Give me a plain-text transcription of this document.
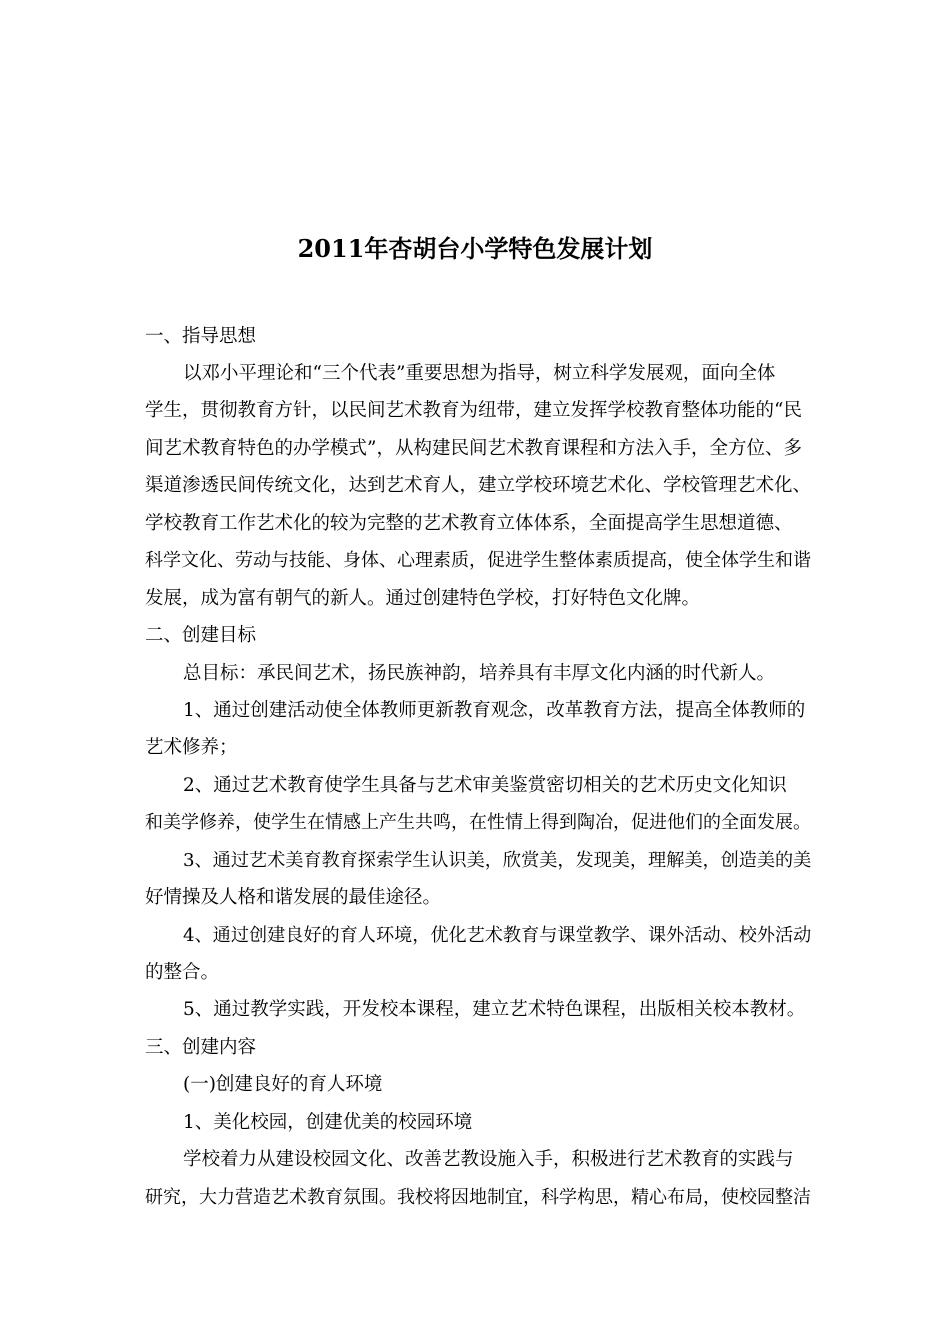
2011年杏胡台小学特色发展计划
一、指导思想
以邓小平理论和“三个代表”重要思想为指导，树立科学发展观，面向全体
学生，贯彻教育方针，以民间艺术教育为纽带，建立发挥学校教育整体功能的“民
间艺术教育特色的办学模式”，从构建民间艺术教育课程和方法入手，全方位、多
渠道渗透民间传统文化，达到艺术育人，建立学校环境艺术化、学校管理艺术化、
学校教育工作艺术化的较为完整的艺术教育立体体系，全面提高学生思想道德、
科学文化、劳动与技能、身体、心理素质，促进学生整体素质提高，使全体学生和谐
发展，成为富有朝气的新人。通过创建特色学校，打好特色文化牌。
二、创建目标
总目标：承民间艺术，扬民族神韵，培养具有丰厚文化内涵的时代新人。
1、通过创建活动使全体教师更新教育观念，改革教育方法，提高全体教师的
艺术修养；
2、通过艺术教育使学生具备与艺术审美鉴赏密切相关的艺术历史文化知识
和美学修养，使学生在情感上产生共鸣，在性情上得到陶冶，促进他们的全面发展。
3、通过艺术美育教育探索学生认识美，欣赏美，发现美，理解美，创造美的美
好情操及人格和谐发展的最佳途径。
4、通过创建良好的育人环境，优化艺术教育与课堂教学、课外活动、校外活动
的整合。
5、通过教学实践，开发校本课程，建立艺术特色课程，出版相关校本教材。
三、创建内容
(一)创建良好的育人环境
1、美化校园，创建优美的校园环境
学校着力从建设校园文化、改善艺教设施入手，积极进行艺术教育的实践与
研究，大力营造艺术教育氛围。我校将因地制宜，科学构思，精心布局，使校园整洁
